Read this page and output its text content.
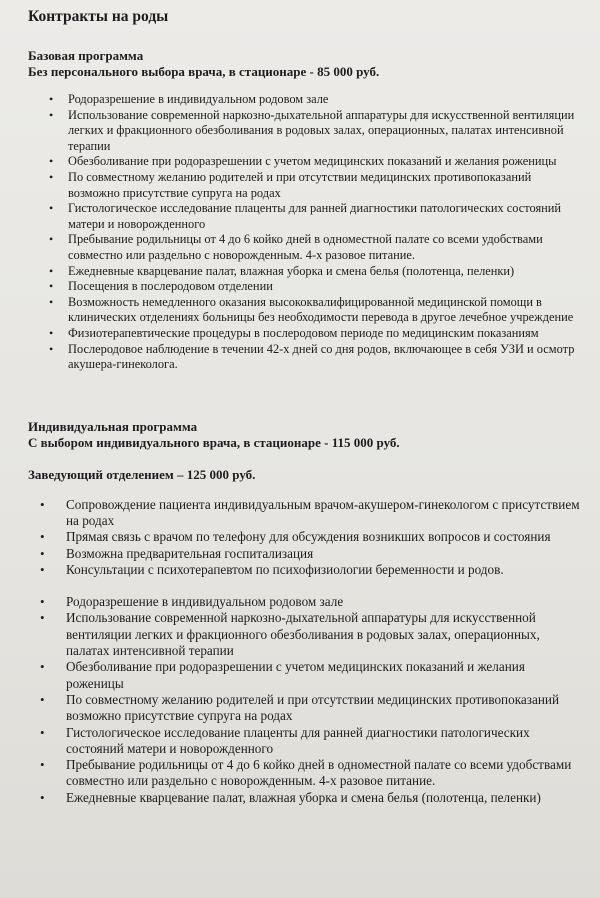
Контракты на роды

Базовая программа

Без персонального выбора врача, в стационаре - 85 000 руб.

• Родоразрешение в индивидуальном родовом зале
• Использование современной наркозно-дыхательной аппаратуры для искусственной вентиляции легких и фракционного обезболивания в родовых залах, операционных, палатах интенсивной терапии
• Обезболивание при родоразрешении с учетом медицинских показаний и желания роженицы
• По совместному желанию родителей и при отсутствии медицинских противопоказаний возможно присутствие супруга на родах
• Гистологическое исследование плаценты для ранней диагностики патологических состояний матери и новорожденного
• Пребывание родильницы от 4 до 6 койко дней в одноместной палате со всеми удобствами совместно или раздельно с новорожденным. 4-х разовое питание.
• Ежедневные кварцевание палат, влажная уборка и смена белья (полотенца, пеленки)
• Посещения в послеродовом отделении
• Возможность немедленного оказания высококвалифицированной медицинской помощи в клинических отделениях больницы без необходимости перевода в другое лечебное учреждение
• Физиотерапевтические процедуры в послеродовом периоде по медицинским показаниям
• Послеродовое наблюдение в течении 42-х дней со дня родов, включающее в себя УЗИ и осмотр акушера-гинеколога.

Индивидуальная программа

С выбором индивидуального врача, в стационаре - 115 000 руб.

Заведующий отделением – 125 000 руб.

• Сопровождение пациента индивидуальным врачом-акушером-гинекологом с присутствием на родах
• Прямая связь с врачом по телефону для обсуждения возникших вопросов и состояния
• Возможна предварительная госпитализация
• Консультации с психотерапевтом по психофизиологии беременности и родов.
• Родоразрешение в индивидуальном родовом зале
• Использование современной наркозно-дыхательной аппаратуры для искусственной вентиляции легких и фракционного обезболивания в родовых залах, операционных, палатах интенсивной терапии
• Обезболивание при родоразрешении с учетом медицинских показаний и желания роженицы
• По совместному желанию родителей и при отсутствии медицинских противопоказаний возможно присутствие супруга на родах
• Гистологическое исследование плаценты для ранней диагностики патологических состояний матери и новорожденного
• Пребывание родильницы от 4 до 6 койко дней в одноместной палате со всеми удобствами совместно или раздельно с новорожденным. 4-х разовое питание.
• Ежедневные кварцевание палат, влажная уборка и смена белья (полотенца, пеленки)
